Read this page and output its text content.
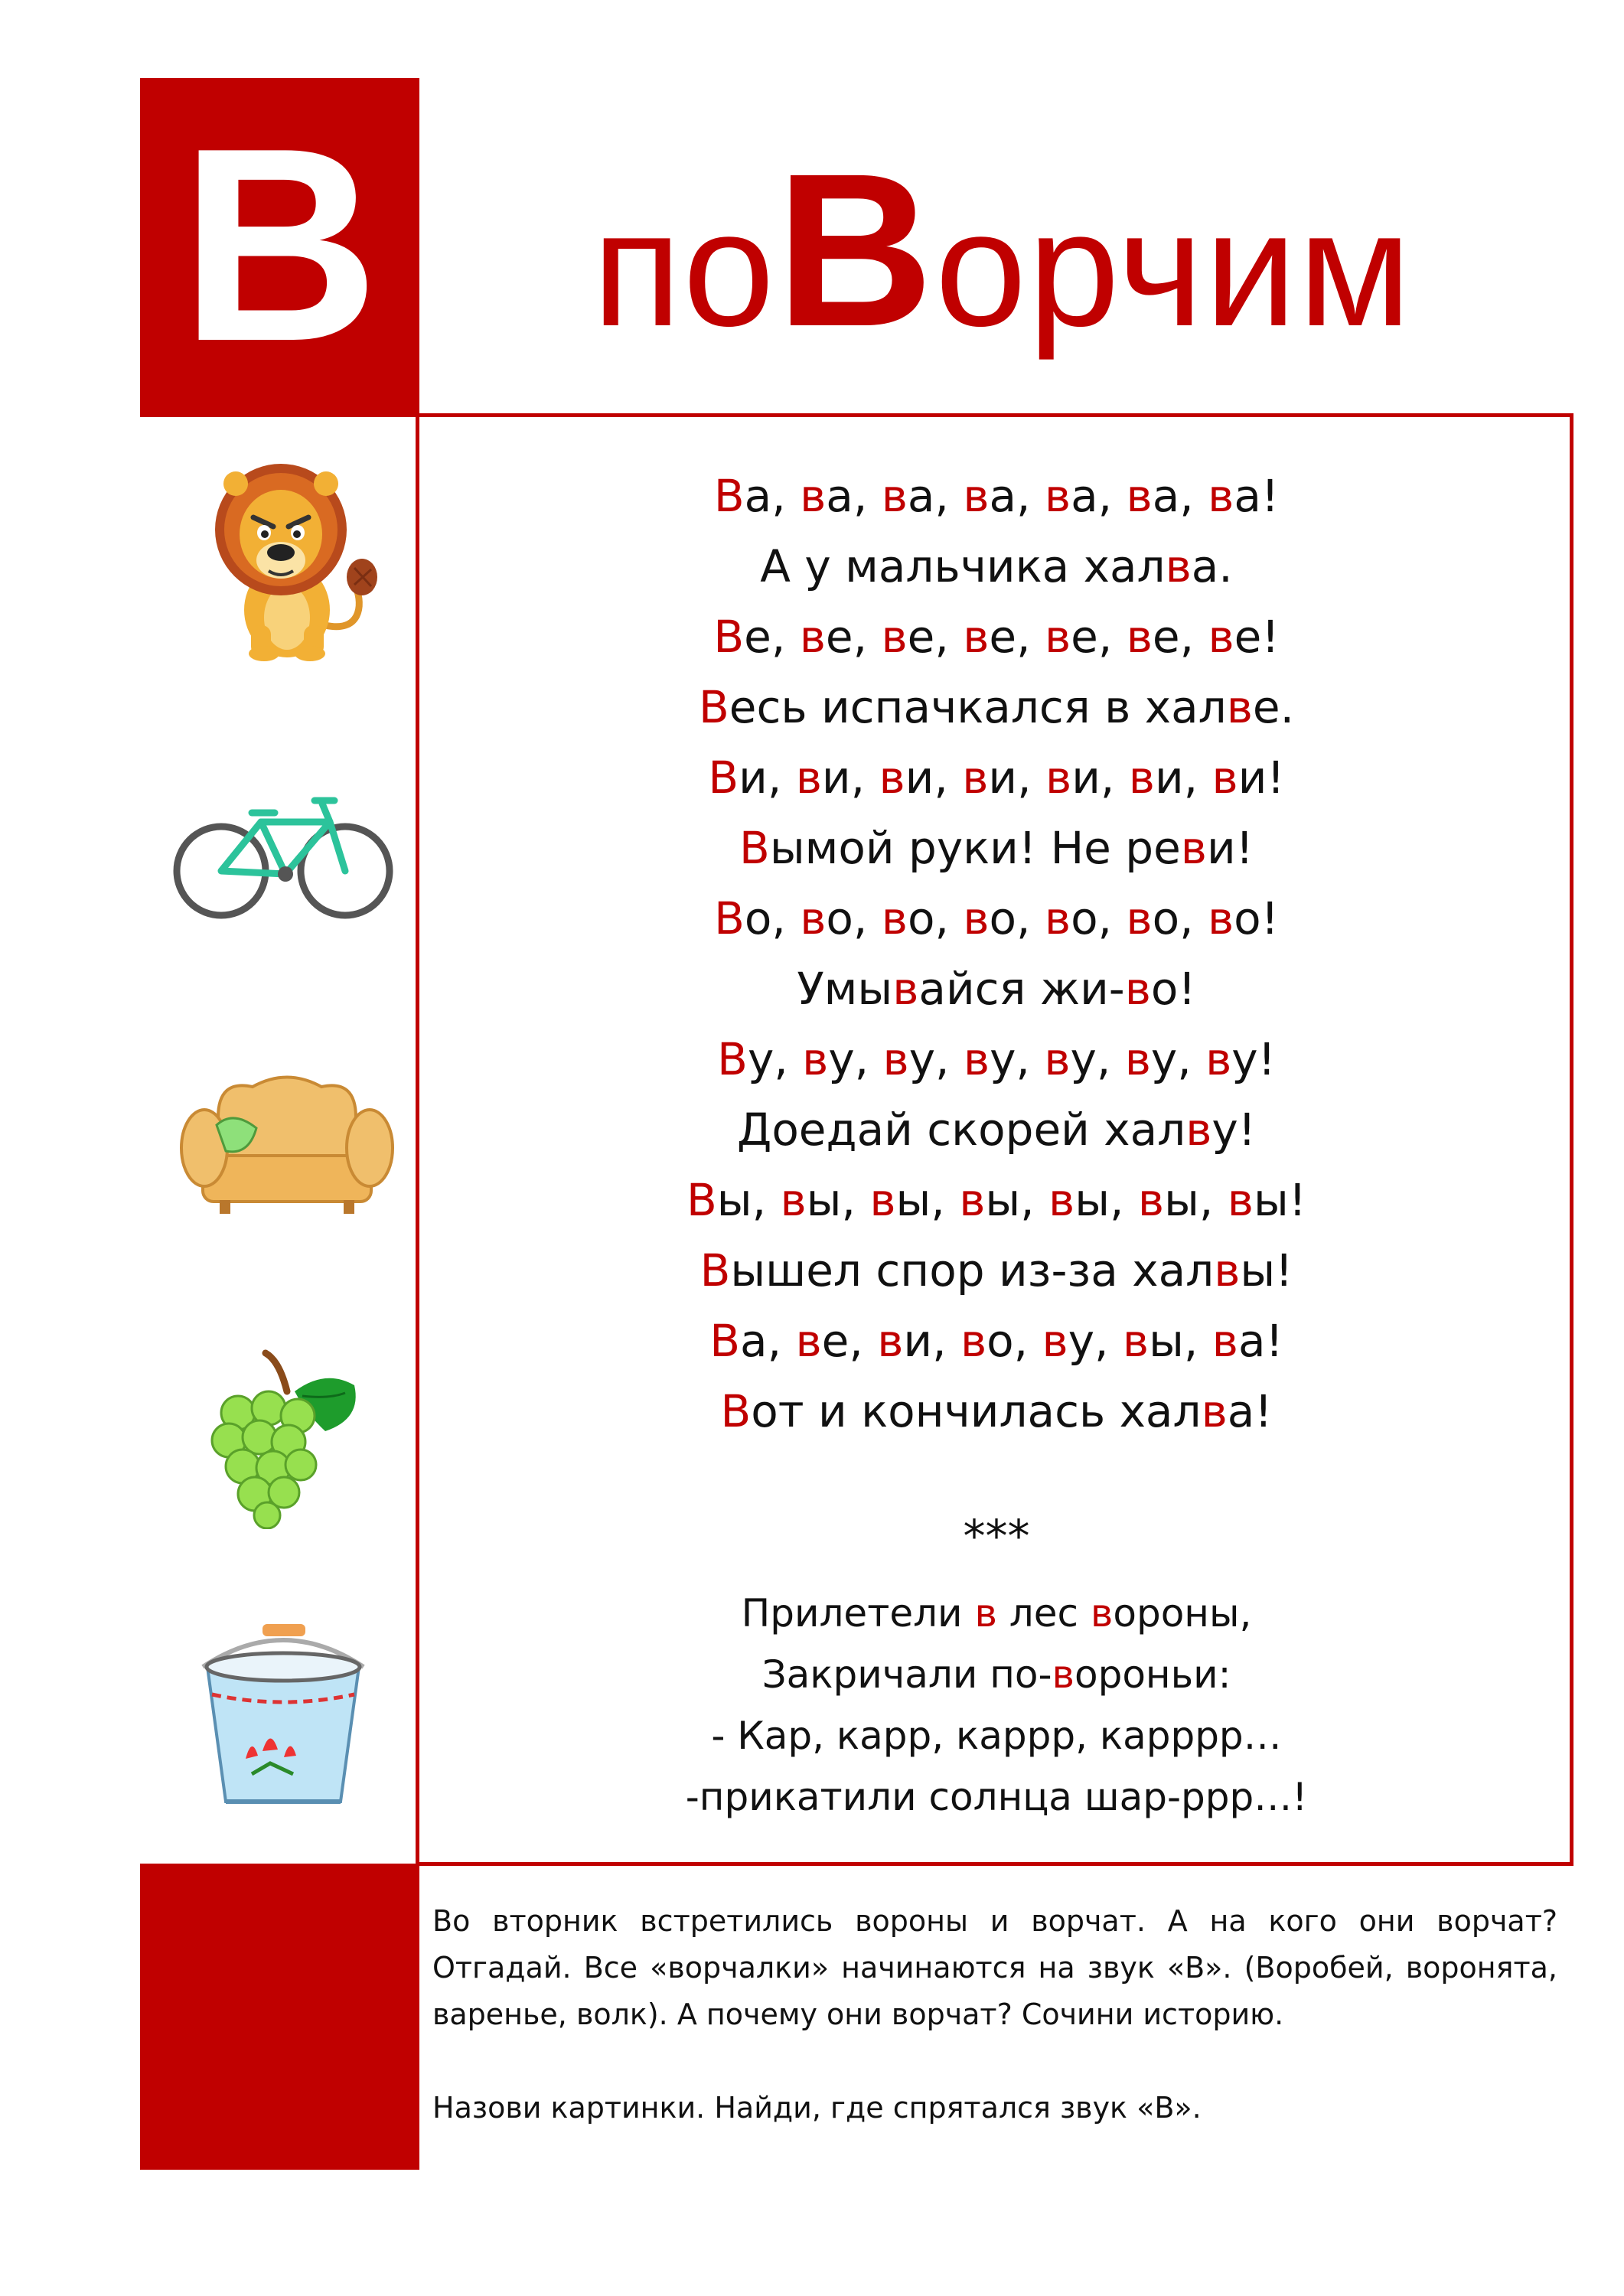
В	поВорчим
Ва, ва, ва, ва, ва, ва, ва!
А у мальчика халва.
Ве, ве, ве, ве, ве, ве, ве!
Весь испачкался в халве.
Ви, ви, ви, ви, ви, ви, ви!
Вымой руки! Не реви!
Во, во, во, во, во, во, во!
Умывайся жи-во!
Ву, ву, ву, ву, ву, ву, ву!
Доедай скорей халву!
Вы, вы, вы, вы, вы, вы, вы!
Вышел спор из-за халвы!
Ва, ве, ви, во, ву, вы, ва!
Вот и кончилась халва!
***
Прилетели в лес вороны,
Закричали по-вороньи:
- Кар, карр, каррр, карррр…
-прикатили солнца шар-ррр…!

Во вторник встретились вороны и ворчат. А на кого они ворчат? Отгадай. Все «ворчалки» начинаются на звук «В». (Воробей, воронята, варенье, волк). А почему они ворчат? Сочини историю.

Назови картинки. Найди, где спрятался звук «В».
